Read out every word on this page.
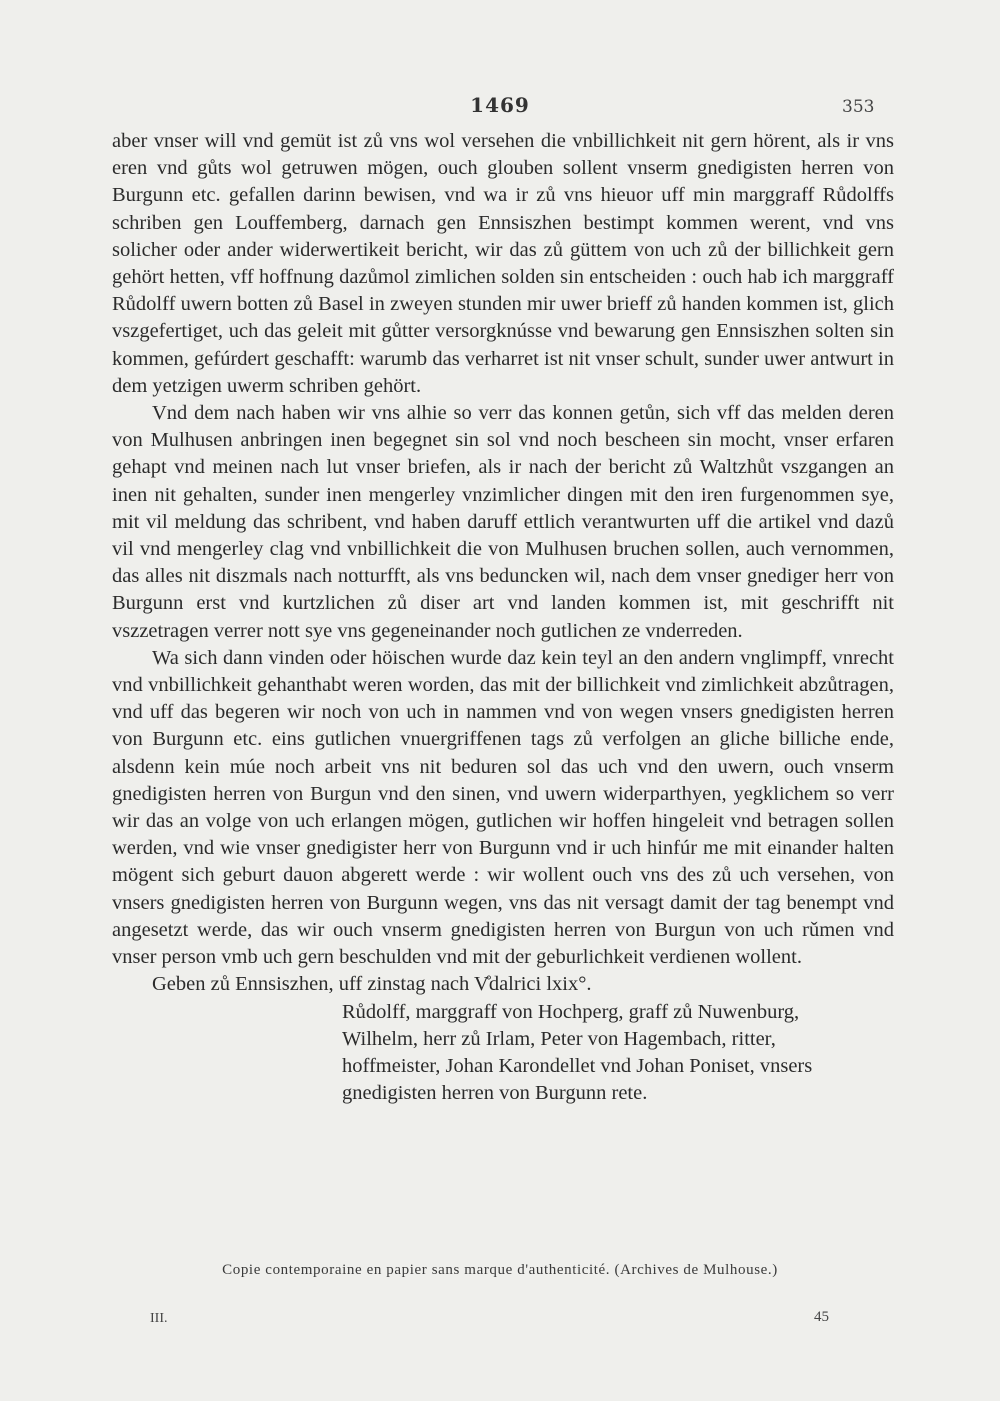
1469	353

aber vnser will vnd gemüt ist zů vns wol versehen die vnbillichkeit nit gern hörent, als ir vns eren vnd gůts wol getruwen mögen, ouch glouben sollent vnserm gnedigisten herren von Burgunn etc. gefallen darinn bewisen, vnd wa ir zů vns hieuor uff min marggraff Růdolffs schriben gen Louffemberg, darnach gen Ennsiszhen bestimpt kommen werent, vnd vns solicher oder ander widerwertikeit bericht, wir das zů güttem von uch zů der billichkeit gern gehört hetten, vff hoffnung dazůmol zimlichen solden sin entscheiden : ouch hab ich marggraff Růdolff uwern botten zů Basel in zweyen stunden mir uwer brieff zů handen kommen ist, glich vszgefertiget, uch das geleit mit gůtter versorgknússe vnd bewarung gen Ennsiszhen solten sin kommen, gefúrdert geschafft: warumb das verharret ist nit vnser schult, sunder uwer antwurt in dem yetzigen uwerm schriben gehört.

Vnd dem nach haben wir vns alhie so verr das konnen getůn, sich vff das melden deren von Mulhusen anbringen inen begegnet sin sol vnd noch bescheen sin mocht, vnser erfaren gehapt vnd meinen nach lut vnser briefen, als ir nach der bericht zů Waltzhůt vszgangen an inen nit gehalten, sunder inen mengerley vnzimlicher dingen mit den iren furgenommen sye, mit vil meldung das schribent, vnd haben daruff ettlich verantwurten uff die artikel vnd dazů vil vnd mengerley clag vnd vnbillichkeit die von Mulhusen bruchen sollen, auch vernommen, das alles nit diszmals nach notturfft, als vns beduncken wil, nach dem vnser gnediger herr von Burgunn erst vnd kurtzlichen zů diser art vnd landen kommen ist, mit geschrifft nit vszzetragen verrer nott sye vns gegeneinander noch gutlichen ze vnderreden.

Wa sich dann vinden oder höischen wurde daz kein teyl an den andern vnglimpff, vnrecht vnd vnbillichkeit gehanthabt weren worden, das mit der billichkeit vnd zimlichkeit abzůtragen, vnd uff das begeren wir noch von uch in nammen vnd von wegen vnsers gnedigisten herren von Burgunn etc. eins gutlichen vnuergriffenen tags zů verfolgen an gliche billiche ende, alsdenn kein múe noch arbeit vns nit beduren sol das uch vnd den uwern, ouch vnserm gnedigisten herren von Burgun vnd den sinen, vnd uwern widerparthyen, yegklichem so verr wir das an volge von uch erlangen mögen, gutlichen wir hoffen hingeleit vnd betragen sollen werden, vnd wie vnser gnedigister herr von Burgunn vnd ir uch hinfúr me mit einander halten mögent sich geburt dauon abgerett werde : wir wollent ouch vns des zů uch versehen, von vnsers gnedigisten herren von Burgunn wegen, vns das nit versagt damit der tag benempt vnd angesetzt werde, das wir ouch vnserm gnedigisten herren von Burgun von uch rǔmen vnd vnser person vmb uch gern beschulden vnd mit der geburlichkeit verdienen wollent.

Geben zů Ennsiszhen, uff zinstag nach V̊dalrici lxix°.

Růdolff, marggraff von Hochperg, graff zů Nuwenburg,

Wilhelm, herr zů Irlam, Peter von Hagembach, ritter,

hoffmeister, Johan Karondellet vnd Johan Poniset, vnsers

gnedigisten herren von Burgunn rete.

Copie contemporaine en papier sans marque d'authenticité. (Archives de Mulhouse.)
III.	45
